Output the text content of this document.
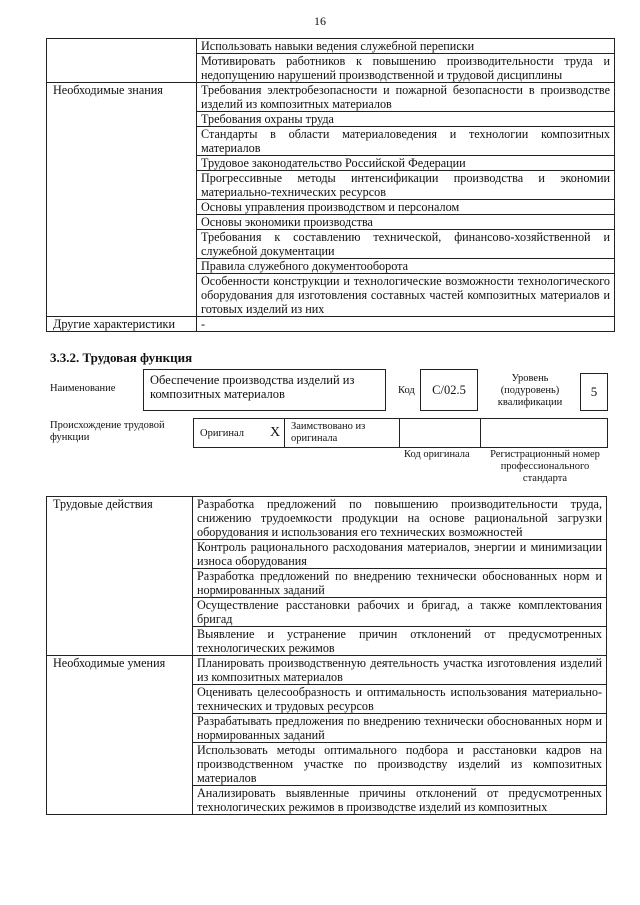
16
	Использовать навыки ведения служебной переписки
	Мотивировать работников к повышению производительности труда и недопущению нарушений производственной и трудовой дисциплины
Необходимые знания	Требования электробезопасности и пожарной безопасности в производстве изделий из композитных материалов
	Требования охраны труда
	Стандарты в области материаловедения и технологии композитных материалов
	Трудовое законодательство Российской Федерации
	Прогрессивные методы интенсификации производства и экономии материально-технических ресурсов
	Основы управления производством и персоналом
	Основы экономики производства
	Требования к составлению технической, финансово-хозяйственной и служебной документации
	Правила служебного документооборота
	Особенности конструкции и технологические возможности технологического оборудования для изготовления составных частей композитных материалов и готовых изделий из них
Другие характеристики	-
3.3.2. Трудовая функция
Наименование
Обеспечение производства изделий из композитных материалов	Код	C/02.5
Уровень (подуровень) квалификации
5
Происхождение трудовой функции	Оригинал X Заимствовано из оригинала
Код оригинала	Регистрационный номер профессионального стандарта
Трудовые действия	Разработка предложений по повышению производительности труда, снижению трудоемкости продукции на основе рациональной загрузки оборудования и использования его технических возможностей
	Контроль рационального расходования материалов, энергии и минимизации износа оборудования
	Разработка предложений по внедрению технически обоснованных норм и нормированных заданий
	Осуществление расстановки рабочих и бригад, а также комплектования бригад
	Выявление и устранение причин отклонений от предусмотренных технологических режимов
Необходимые умения	Планировать производственную деятельность участка изготовления изделий из композитных материалов
	Оценивать целесообразность и оптимальность использования материально-технических и трудовых ресурсов
	Разрабатывать предложения по внедрению технически обоснованных норм и нормированных заданий
	Использовать методы оптимального подбора и расстановки кадров на производственном участке по производству изделий из композитных материалов
	Анализировать выявленные причины отклонений от предусмотренных технологических режимов в производстве изделий из композитных
